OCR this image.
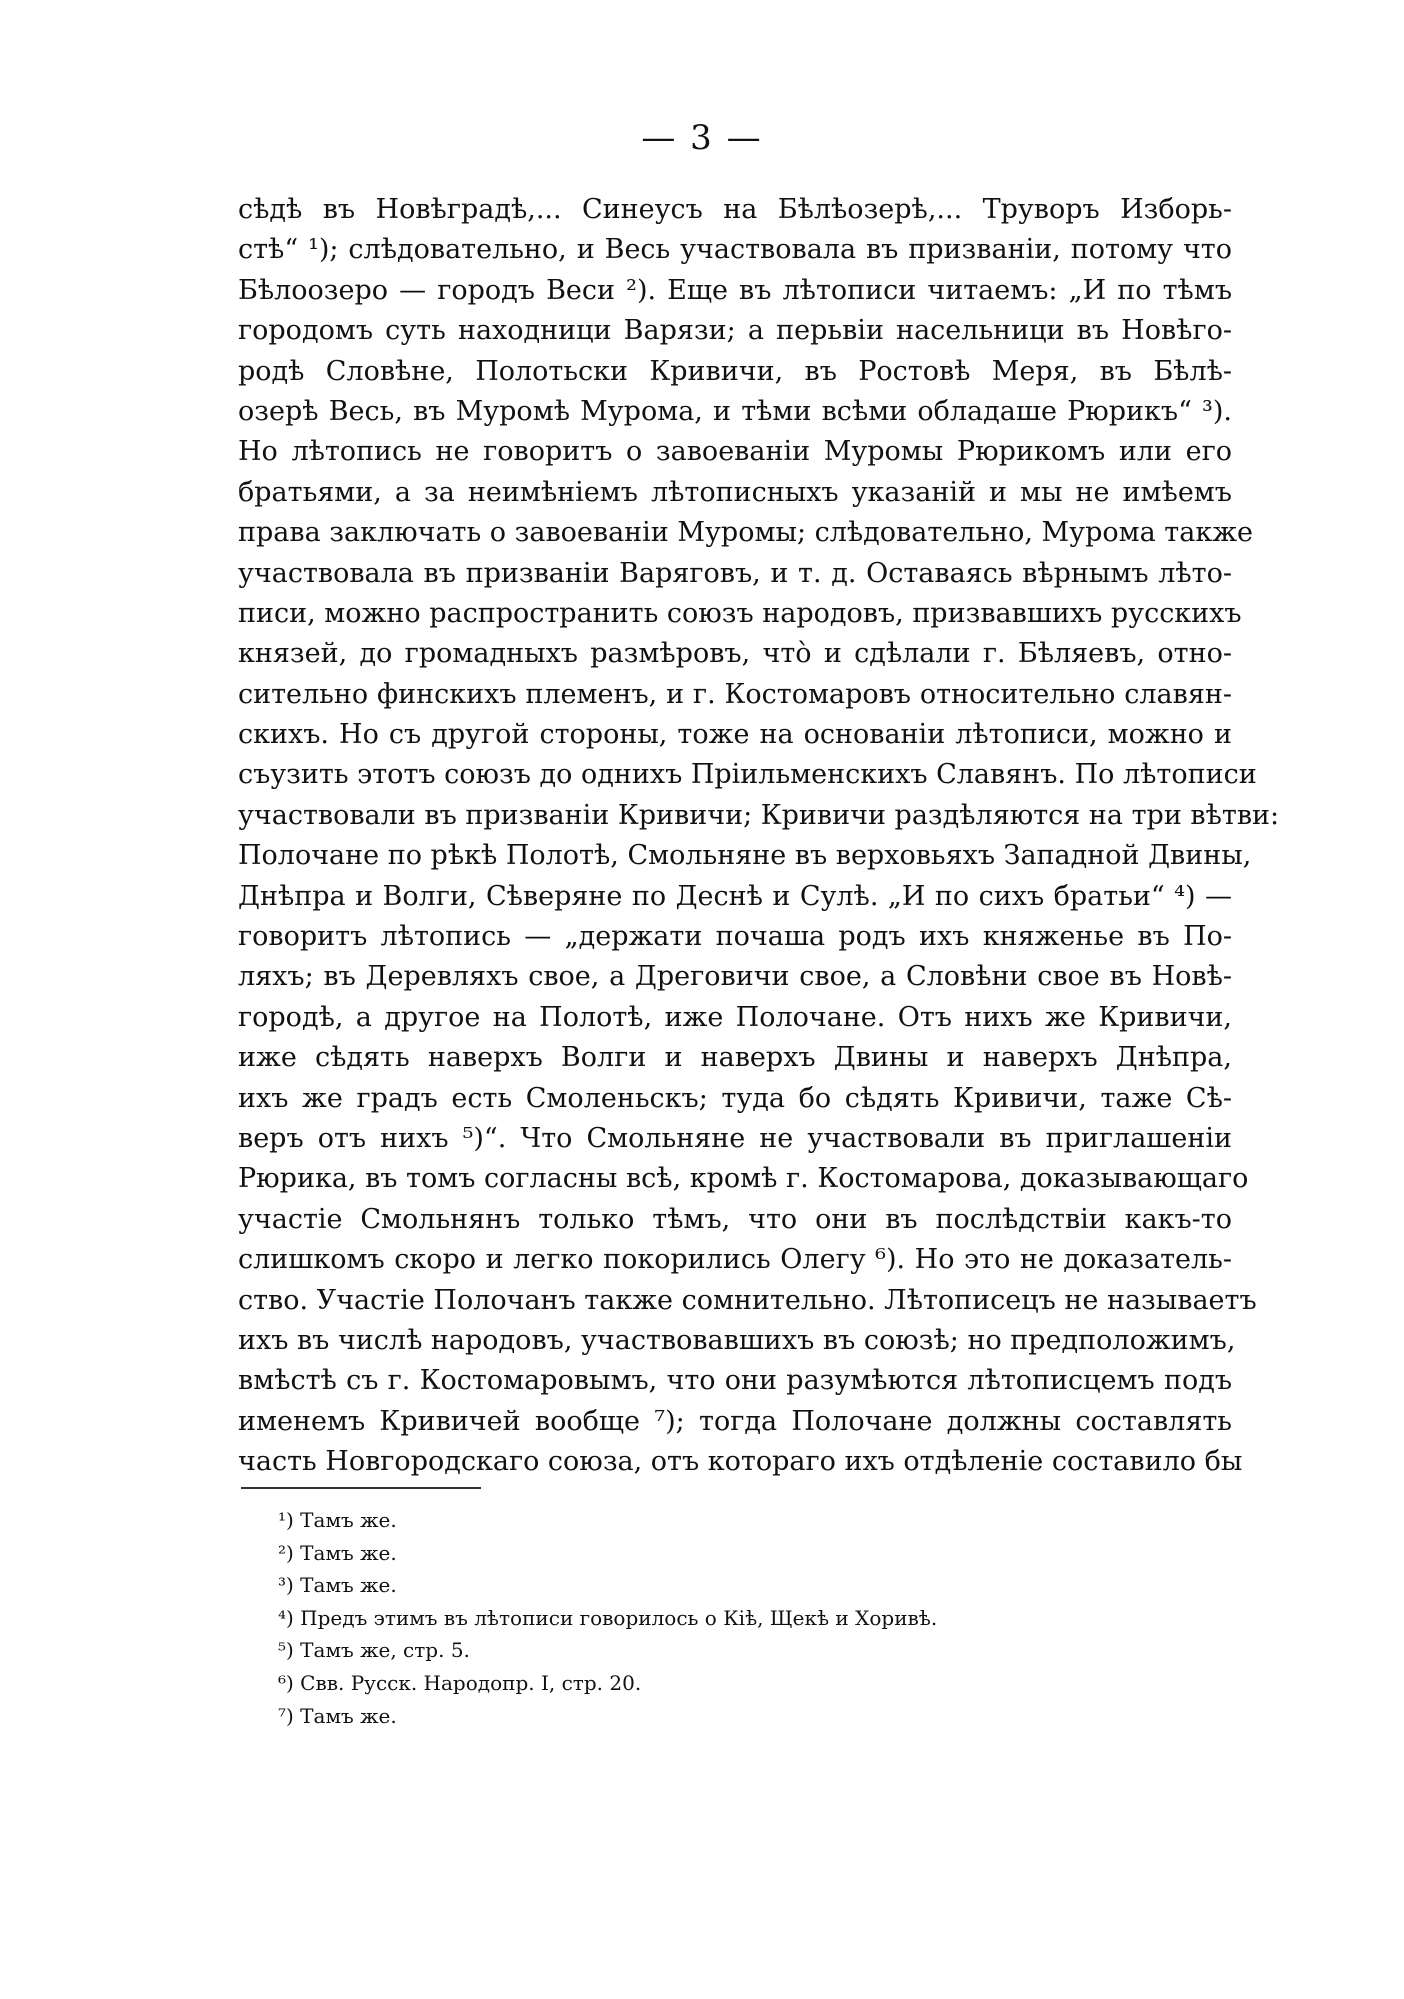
— 3 —
сѣдѣ въ Новѣградѣ,... Синеусъ на Бѣлѣозерѣ,... Труворъ Изборь-
стѣ“ ¹); слѣдовательно, и Весь участвовала въ призваніи, потому что
Бѣлоозеро — городъ Веси ²). Еще въ лѣтописи читаемъ: „И по тѣмъ
городомъ суть находници Варязи; а перьвіи насельници въ Новѣго-
родѣ Словѣне, Полотьски Кривичи, въ Ростовѣ Меря, въ Бѣлѣ-
озерѣ Весь, въ Муромѣ Мурома, и тѣми всѣми обладаше Рюрикъ“ ³).
Но лѣтопись не говоритъ о завоеваніи Муромы Рюрикомъ или его
братьями, а за неимѣніемъ лѣтописныхъ указаній и мы не имѣемъ
права заключать о завоеваніи Муромы; слѣдовательно, Мурома также
участвовала въ призваніи Варяговъ, и т. д. Оставаясь вѣрнымъ лѣто-
писи, можно распространить союзъ народовъ, призвавшихъ русскихъ
князей, до громадныхъ размѣровъ, что̀ и сдѣлали г. Бѣляевъ, отно-
сительно финскихъ племенъ, и г. Костомаровъ относительно славян-
скихъ. Но съ другой стороны, тоже на основаніи лѣтописи, можно и
съузить этотъ союзъ до однихъ Пріильменскихъ Славянъ. По лѣтописи
участвовали въ призваніи Кривичи; Кривичи раздѣляются на три вѣтви:
Полочане по рѣкѣ Полотѣ, Смольняне въ верховьяхъ Западной Двины,
Днѣпра и Волги, Сѣверяне по Деснѣ и Сулѣ. „И по сихъ братьи“ ⁴) —
говоритъ лѣтопись — „держати почаша родъ ихъ княженье въ По-
ляхъ; въ Деревляхъ свое, а Дреговичи свое, а Словѣни свое въ Новѣ-
городѣ, а другое на Полотѣ, иже Полочане. Отъ нихъ же Кривичи,
иже сѣдять наверхъ Волги и наверхъ Двины и наверхъ Днѣпра,
ихъ же градъ есть Смоленьскъ; туда бо сѣдять Кривичи, таже Сѣ-
веръ отъ нихъ ⁵)“. Что Смольняне не участвовали въ приглашеніи
Рюрика, въ томъ согласны всѣ, кромѣ г. Костомарова, доказывающаго
участіе Смольнянъ только тѣмъ, что они въ послѣдствіи какъ-то
слишкомъ скоро и легко покорились Олегу ⁶). Но это не доказатель-
ство. Участіе Полочанъ также сомнительно. Лѣтописецъ не называетъ
ихъ въ числѣ народовъ, участвовавшихъ въ союзѣ; но предположимъ,
вмѣстѣ съ г. Костомаровымъ, что они разумѣются лѣтописцемъ подъ
именемъ Кривичей вообще ⁷); тогда Полочане должны составлять
часть Новгородскаго союза, отъ котораго ихъ отдѣленіе составило бы
¹) Тамъ же.
²) Тамъ же.
³) Тамъ же.
⁴) Предъ этимъ въ лѣтописи говорилось о Кіѣ, Щекѣ и Хоривѣ.
⁵) Тамъ же, стр. 5.
⁶) Свв. Русск. Народопр. I, стр. 20.
⁷) Тамъ же.
